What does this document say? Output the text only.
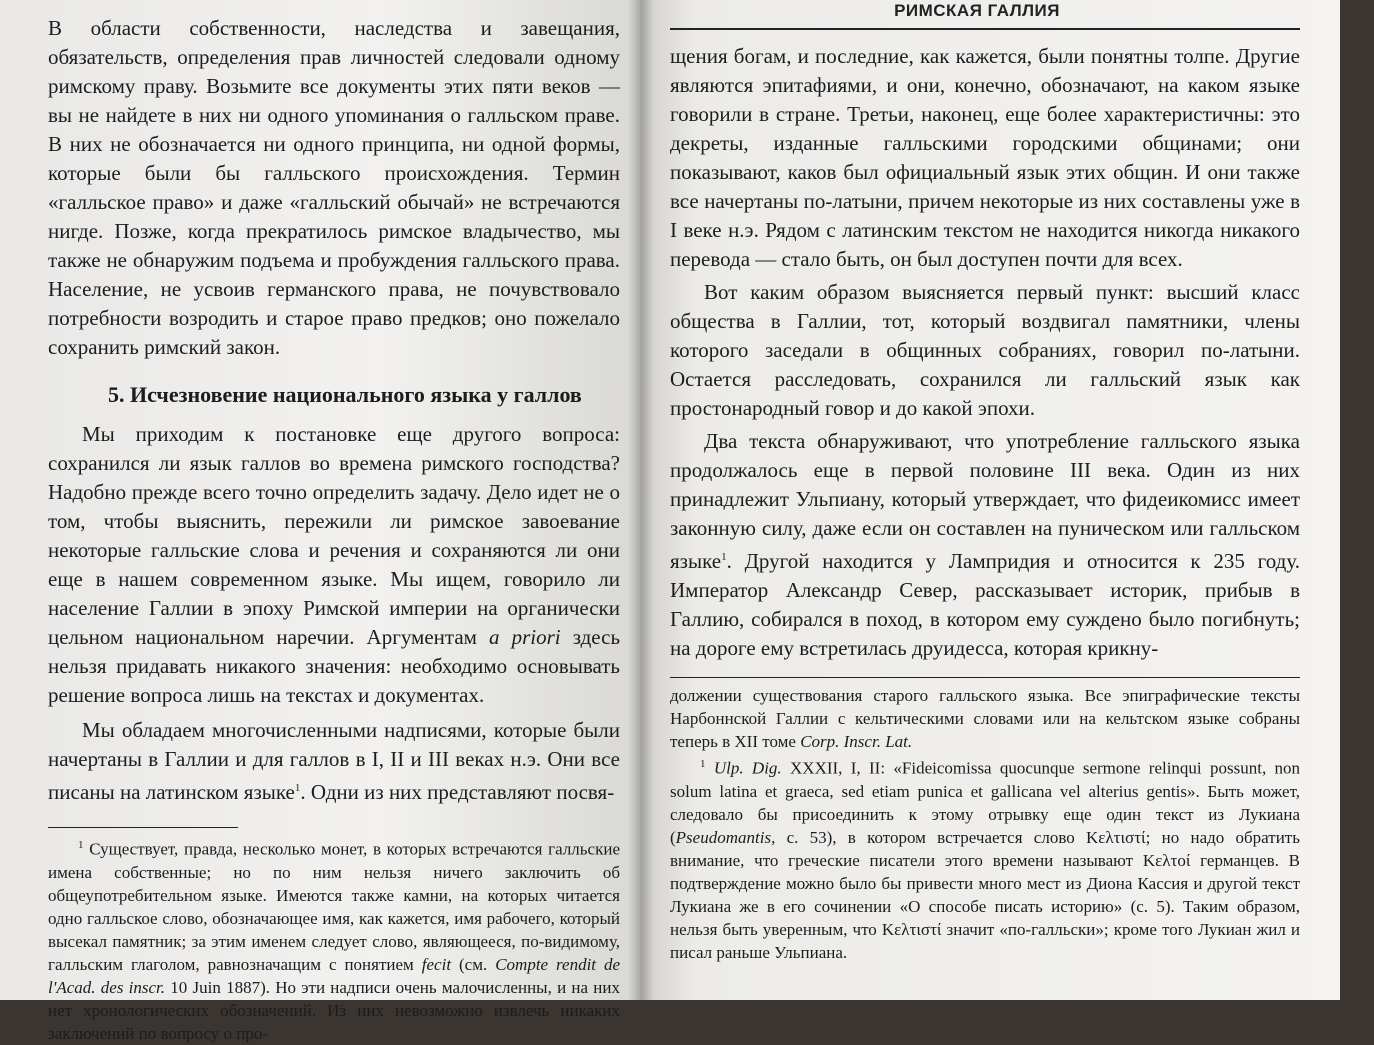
В области собственности, наследства и завещания, обязательств, определения прав личностей следовали одному римскому праву. Возьмите все документы этих пяти веков — вы не найдете в них ни одного упоминания о галльском праве. В них не обозначается ни одного принципа, ни одной формы, которые были бы галльского происхождения. Термин «галльское право» и даже «галльский обычай» не встречаются нигде. Позже, когда прекратилось римское владычество, мы также не обнаружим подъема и пробуждения галльского права. Население, не усвоив германского права, не почувствовало потребности возродить и старое право предков; оно пожелало сохранить римский закон.

5. Исчезновение национального языка у галлов

Мы приходим к постановке еще другого вопроса: сохранился ли язык галлов во времена римского господства? Надобно прежде всего точно определить задачу. Дело идет не о том, чтобы выяснить, пережили ли римское завоевание некоторые галльские слова и речения и сохраняются ли они еще в нашем современном языке. Мы ищем, говорило ли население Галлии в эпоху Римской империи на органически цельном национальном наречии. Аргументам a priori здесь нельзя придавать никакого значения: необходимо основывать решение вопроса лишь на текстах и документах.

Мы обладаем многочисленными надписями, которые были начертаны в Галлии и для галлов в I, II и III веках н.э. Они все писаны на латинском языке$^1$. Одни из них представляют посвя-

$^1$ Существует, правда, несколько монет, в которых встречаются галльские имена собственные; но по ним нельзя ничего заключить об общеупотребительном языке. Имеются также камни, на которых читается одно галльское слово, обозначающее имя, как кажется, имя рабочего, который высекал памятник; за этим именем следует слово, являющееся, по-видимому, галльским глаголом, равнозначащим с понятием fecit (см. Compte rendit de l'Acad. des inscr. 10 Juin 1887). Но эти надписи очень малочисленны, и на них нет хронологических обозначений. Из них невозможно извлечь никаких заключений по вопросу о про-

РИМСКАЯ ГАЛЛИЯ

щения богам, и последние, как кажется, были понятны толпе. Другие являются эпитафиями, и они, конечно, обозначают, на каком языке говорили в стране. Третьи, наконец, еще более характеристичны: это декреты, изданные галльскими городскими общинами; они показывают, каков был официальный язык этих общин. И они также все начертаны по-латыни, причем некоторые из них составлены уже в I веке н.э. Рядом с латинским текстом не находится никогда никакого перевода — стало быть, он был доступен почти для всех.

Вот каким образом выясняется первый пункт: высший класс общества в Галлии, тот, который воздвигал памятники, члены которого заседали в общинных собраниях, говорил по-латыни. Остается расследовать, сохранился ли галльский язык как простонародный говор и до какой эпохи.

Два текста обнаруживают, что употребление галльского языка продолжалось еще в первой половине III века. Один из них принадлежит Ульпиану, который утверждает, что фидеикомисс имеет законную силу, даже если он составлен на пуническом или галльском языке$^1$. Другой находится у Лампридия и относится к 235 году. Император Александр Север, рассказывает историк, прибыв в Галлию, собирался в поход, в котором ему суждено было погибнуть; на дороге ему встретилась друидесса, которая крикну-

должении существования старого галльского языка. Все эпиграфические тексты Нарбоннской Галлии с кельтическими словами или на кельтском языке собраны теперь в XII томе Corp. Inscr. Lat.

$^1$ Ulp. Dig. XXXII, I, II: «Fideicomissa quocunque sermone relinqui possunt, non solum latina et graeca, sed etiam punica et gallicana vel alterius gentis». Быть может, следовало бы присоединить к этому отрывку еще один текст из Лукиана (Pseudomantis, с. 53), в котором встречается слово Κελτιστί; но надо обратить внимание, что греческие писатели этого времени называют Κελτοί германцев. В подтверждение можно было бы привести много мест из Диона Кассия и другой текст Лукиана же в его сочинении «О способе писать историю» (с. 5). Таким образом, нельзя быть уверенным, что Κελτιστί значит «по-галльски»; кроме того Лукиан жил и писал раньше Ульпиана.
